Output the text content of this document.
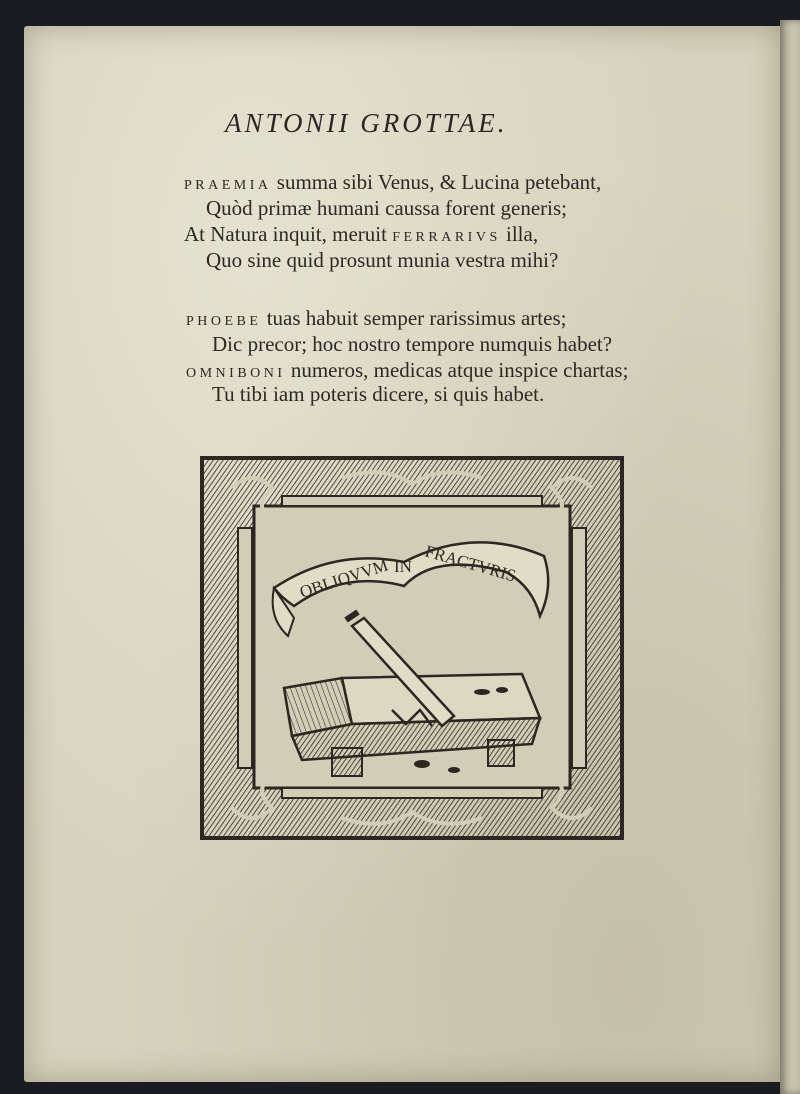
ANTONII GROTTAE.
PRAEMIA summa sibi Venus, & Lucina petebant,
Quòd primæ humani caussa forent generis;
At Natura inquit, meruit FERRARIVS illa,
Quo sine quid prosunt munia vestra mihi?
PHOEBE tuas habuit semper rarissimus artes;
Dic precor; hoc nostro tempore numquis habet?
OMNIBONI numeros, medicas atque inspice chartas;
Tu tibi iam poteris dicere, si quis habet.
OBLIQVVM IN FRACTVRIS
